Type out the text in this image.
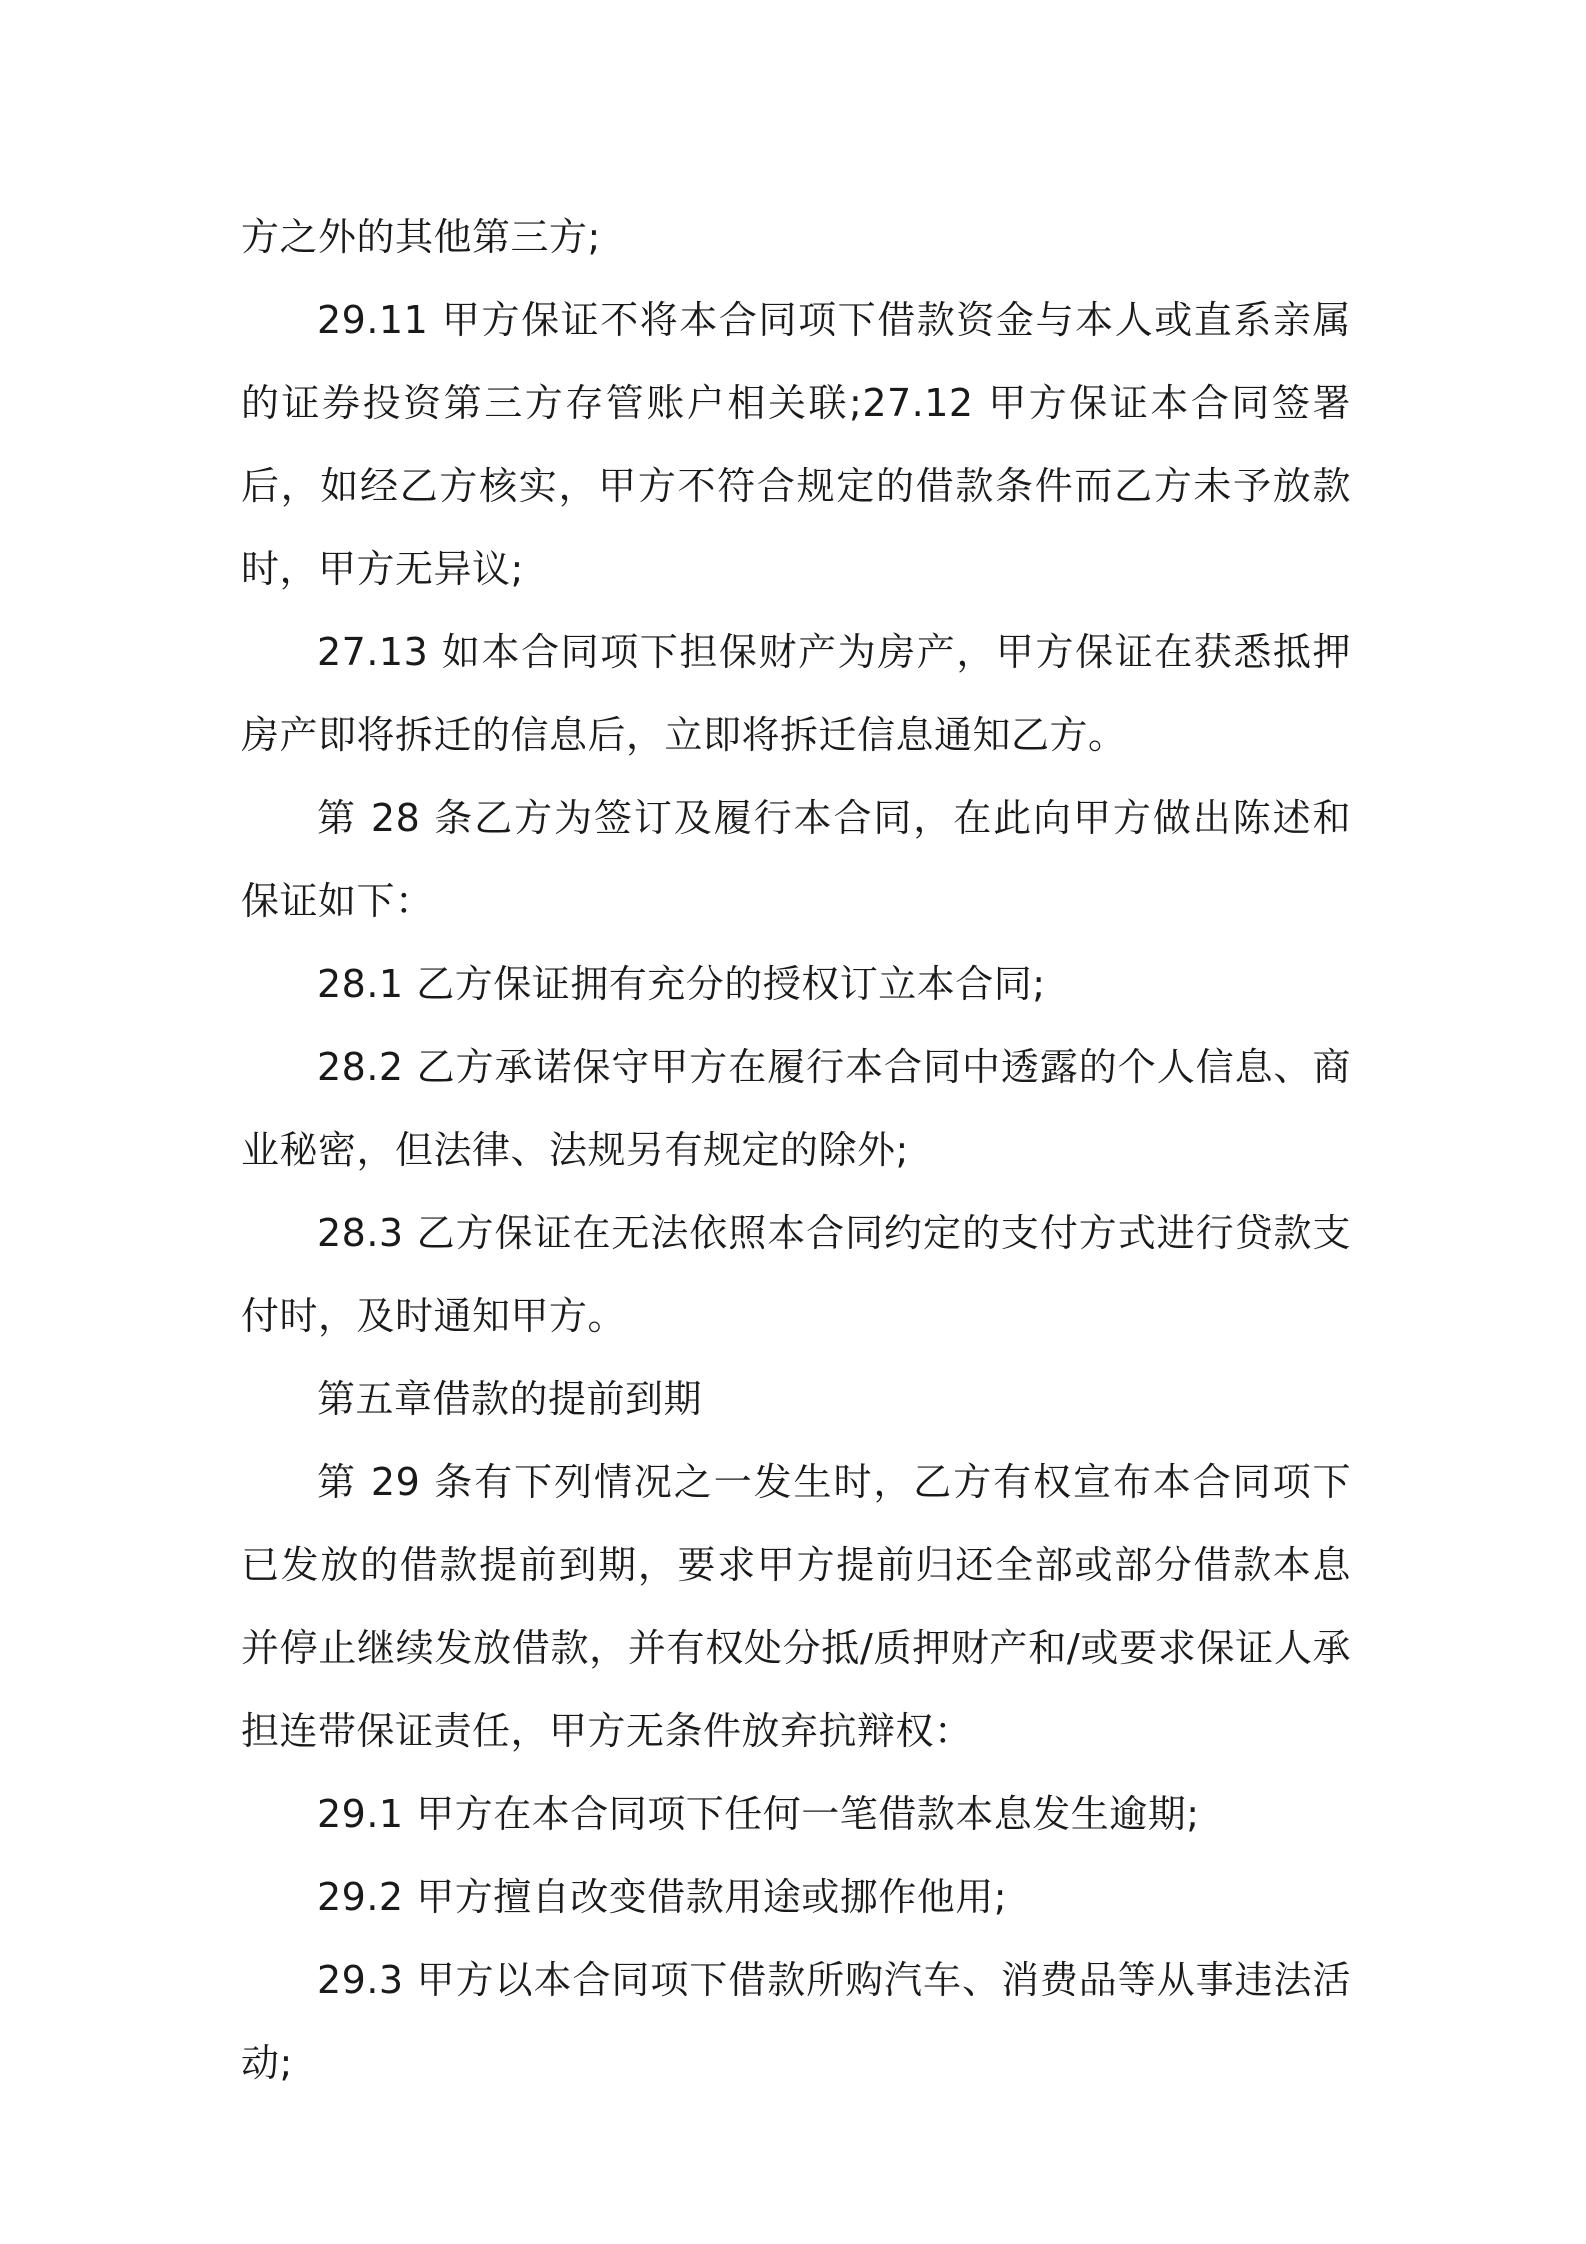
方之外的其他第三方;

29.11 甲方保证不将本合同项下借款资金与本人或直系亲属的证券投资第三方存管账户相关联;27.12 甲方保证本合同签署后，如经乙方核实，甲方不符合规定的借款条件而乙方未予放款时，甲方无异议;

27.13 如本合同项下担保财产为房产，甲方保证在获悉抵押房产即将拆迁的信息后，立即将拆迁信息通知乙方。

第 28 条乙方为签订及履行本合同，在此向甲方做出陈述和保证如下：

28.1 乙方保证拥有充分的授权订立本合同;

28.2 乙方承诺保守甲方在履行本合同中透露的个人信息、商业秘密，但法律、法规另有规定的除外;

28.3 乙方保证在无法依照本合同约定的支付方式进行贷款支付时，及时通知甲方。

第五章借款的提前到期

第 29 条有下列情况之一发生时，乙方有权宣布本合同项下已发放的借款提前到期，要求甲方提前归还全部或部分借款本息并停止继续发放借款，并有权处分抵/质押财产和/或要求保证人承担连带保证责任，甲方无条件放弃抗辩权：

29.1 甲方在本合同项下任何一笔借款本息发生逾期;

29.2 甲方擅自改变借款用途或挪作他用;

29.3 甲方以本合同项下借款所购汽车、消费品等从事违法活动;
